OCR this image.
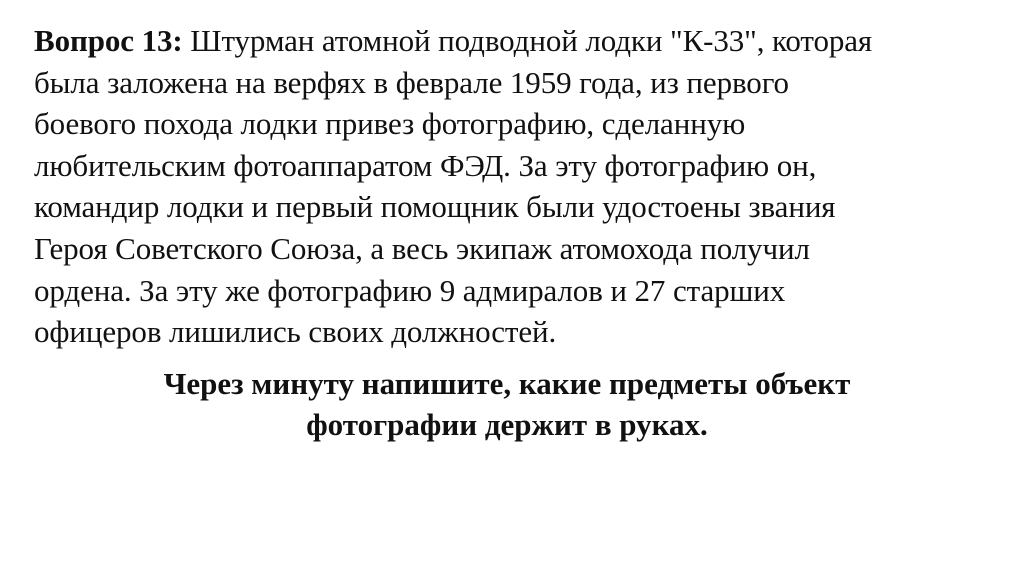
Вопрос 13: Штурман атомной подводной лодки "К-33", которая
была заложена на верфях в феврале 1959 года, из первого
боевого похода лодки привез фотографию, сделанную
любительским фотоаппаратом ФЭД. За эту фотографию он,
командир лодки и первый помощник были удостоены звания
Героя Советского Союза, а весь экипаж атомохода получил
ордена. За эту же фотографию 9 адмиралов и 27 старших
офицеров лишились своих должностей.

Через минуту напишите, какие предметы объект
фотографии держит в руках.
